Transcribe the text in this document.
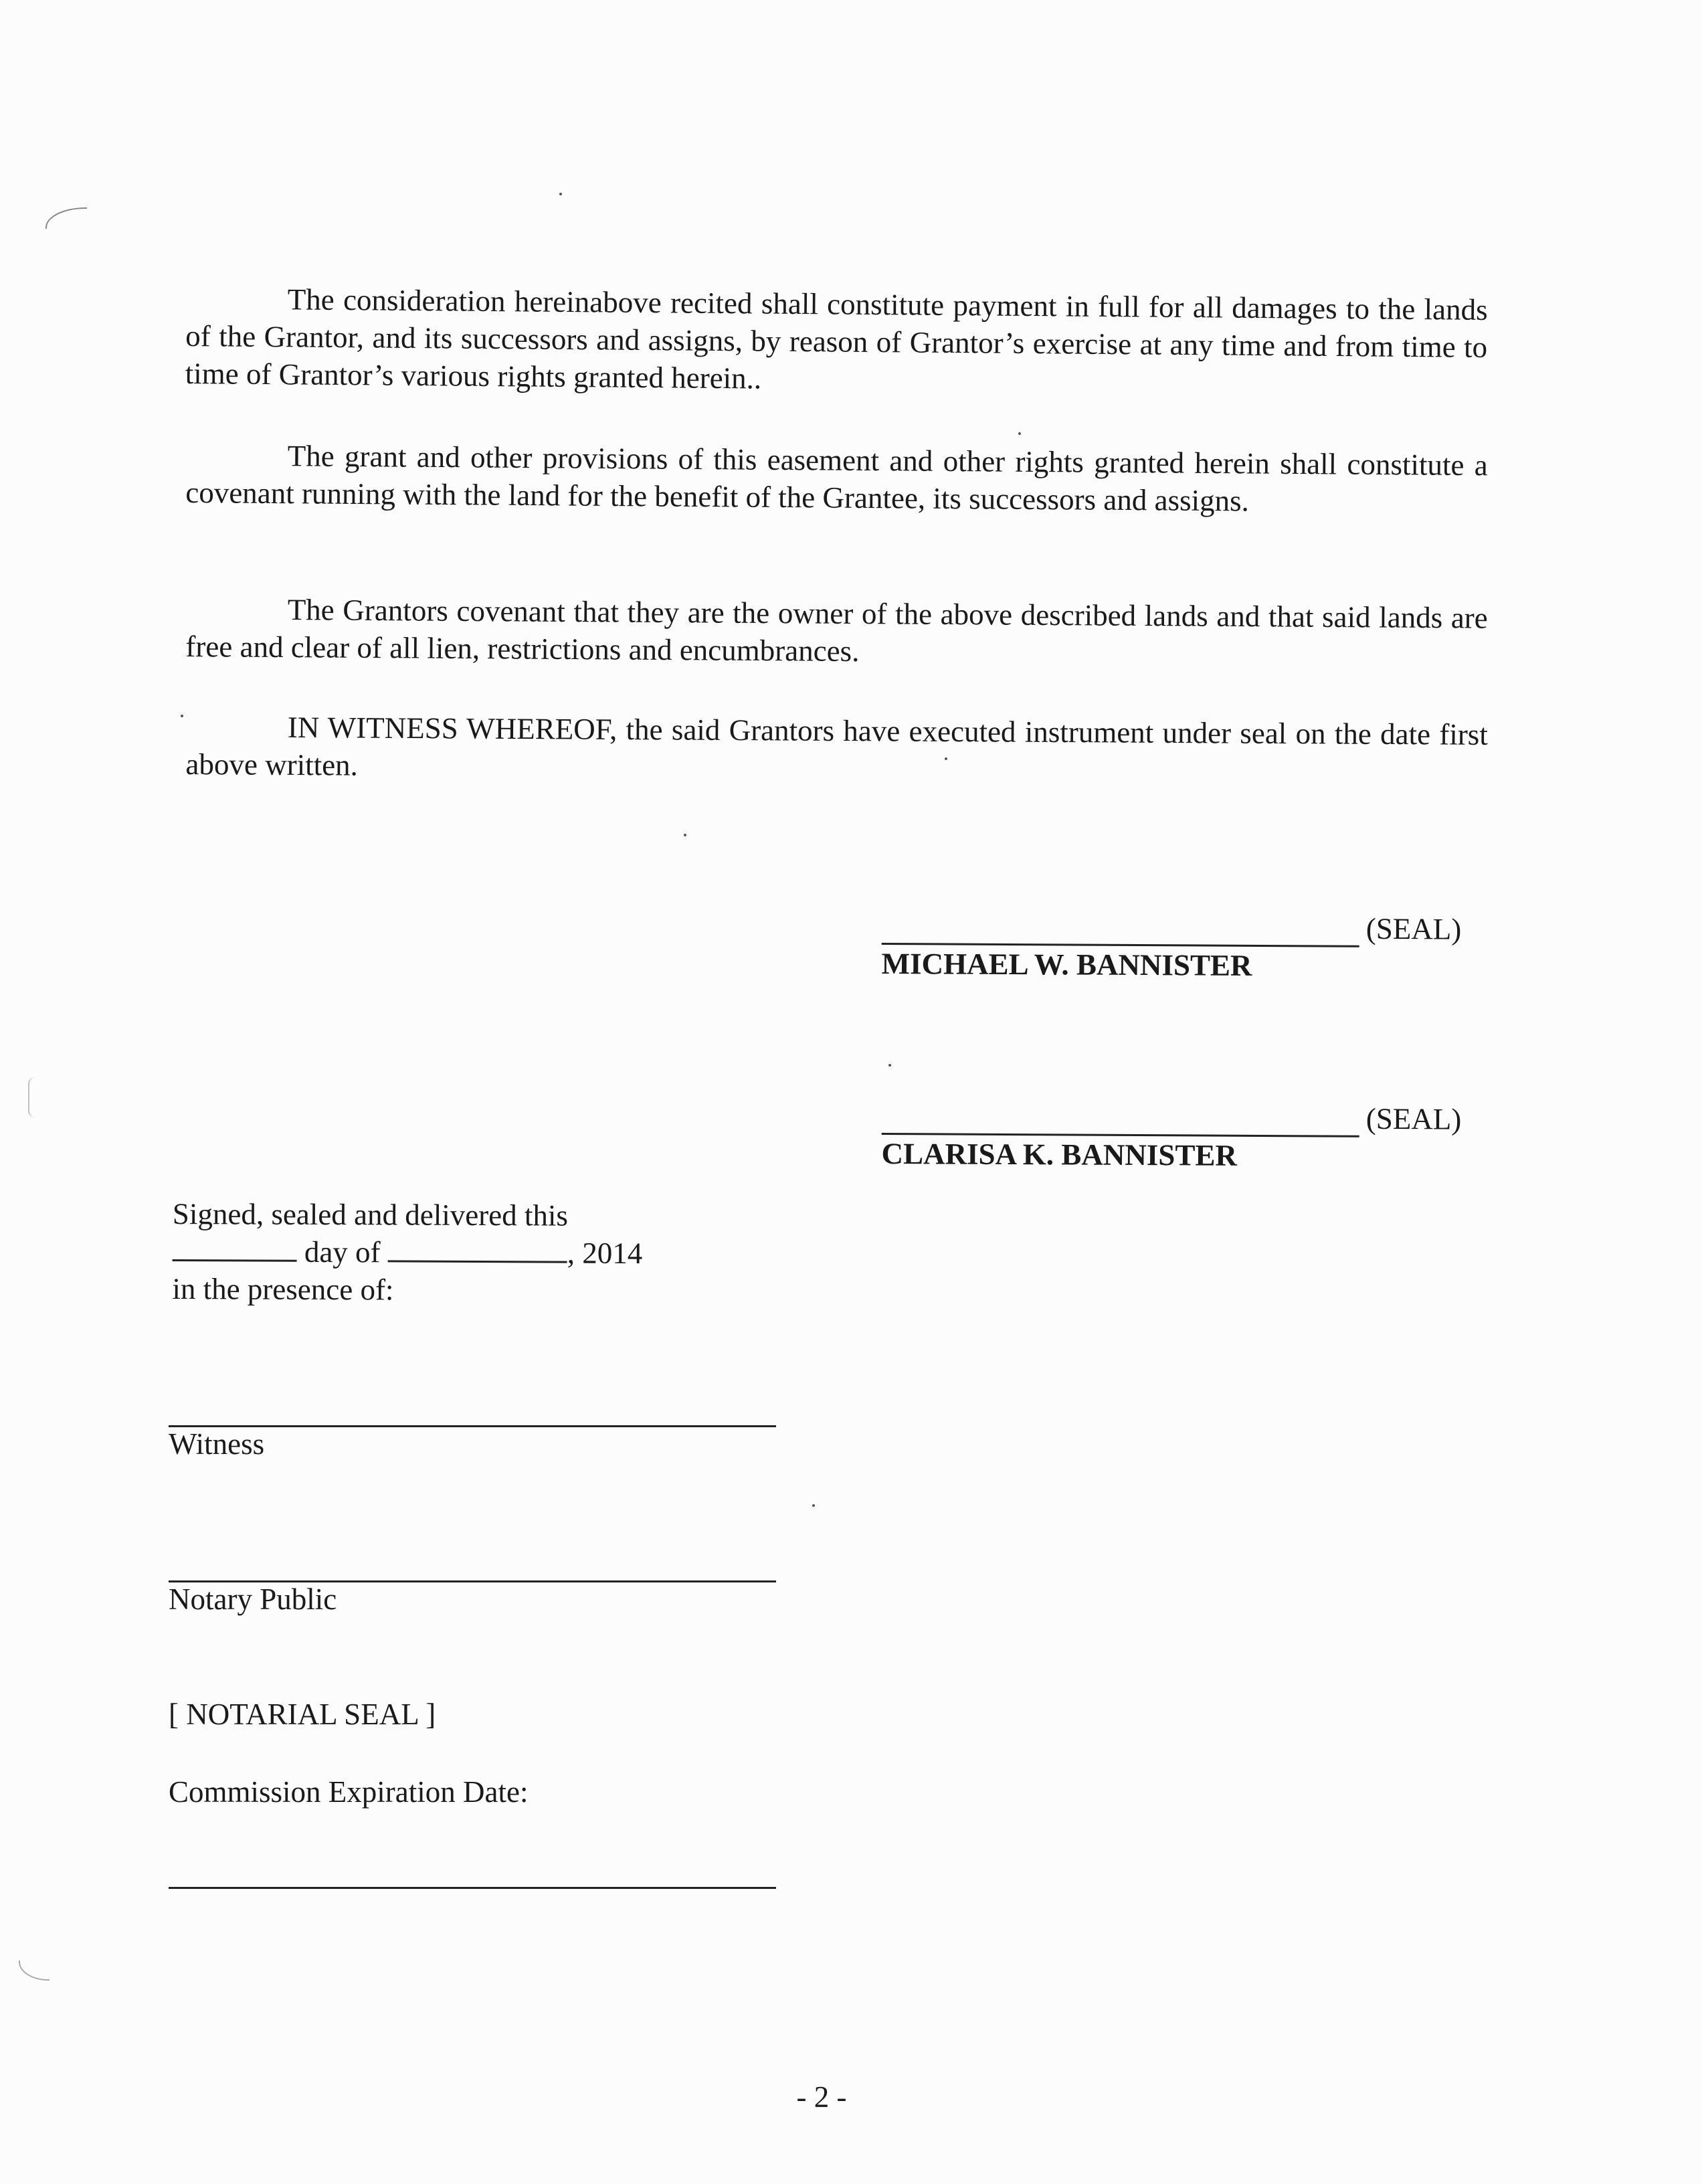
The consideration hereinabove recited shall constitute payment in full for all damages to the lands of the Grantor, and its successors and assigns, by reason of Grantor’s exercise at any time and from time to time of Grantor’s various rights granted herein..
The grant and other provisions of this easement and other rights granted herein shall constitute a covenant running with the land for the benefit of the Grantee, its successors and assigns.
The Grantors covenant that they are the owner of the above described lands and that said lands are free and clear of all lien, restrictions and encumbrances.
IN WITNESS WHEREOF, the said Grantors have executed instrument under seal on the date first above written.
(SEAL)
MICHAEL W. BANNISTER
(SEAL)
CLARISA K. BANNISTER
Signed, sealed and delivered this
day of	, 2014
in the presence of:
Witness
Notary Public
[ NOTARIAL SEAL ]
Commission Expiration Date:
- 2 -
